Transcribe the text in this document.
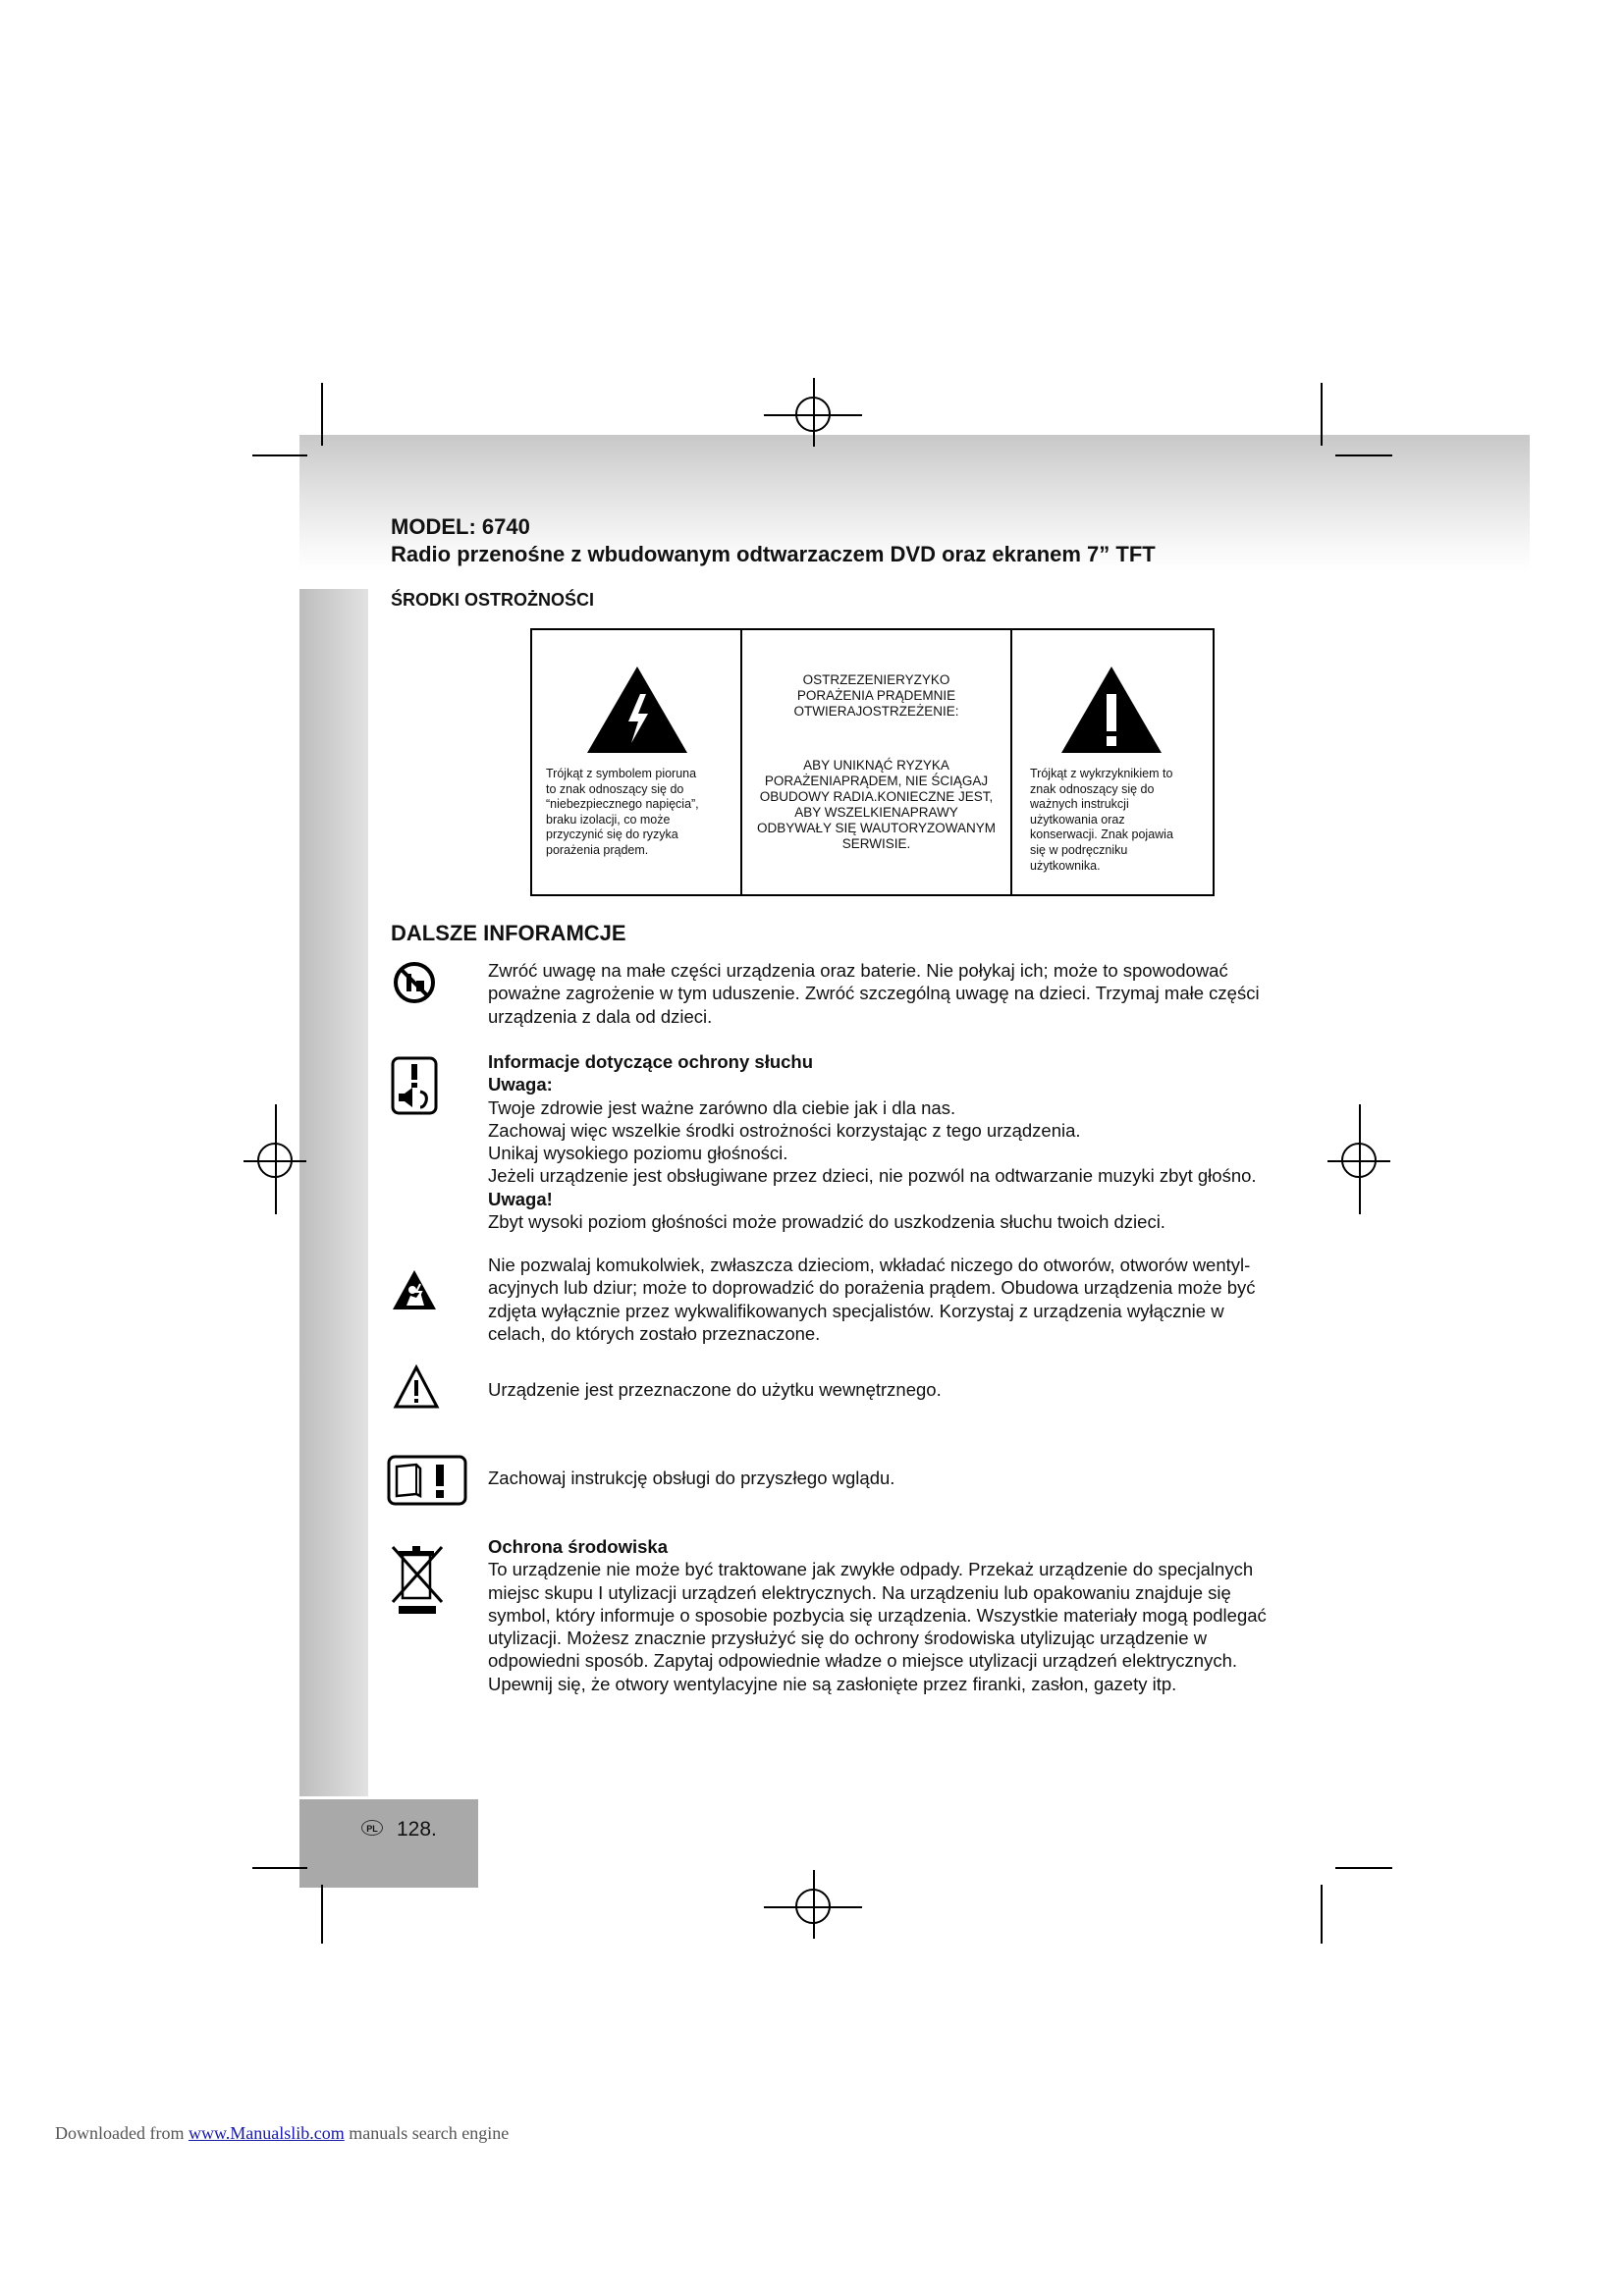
MODEL: 6740
Radio przenośne z wbudowanym odtwarzaczem DVD oraz ekranem 7” TFT
ŚRODKI OSTROŻNOŚCI
Trójkąt z symbolem pioruna
to znak odnoszący się do
“niebezpiecznego napięcia”,
braku izolacji, co może
przyczynić się do ryzyka
porażenia prądem.
OSTRZEZENIERYZYKO
PORAŻENIA PRĄDEMNIE
OTWIERAJOSTRZEŻENIE:
ABY UNIKNĄĆ RYZYKA
PORAŻENIAPRĄDEM, NIE ŚCIĄGAJ
OBUDOWY RADIA.KONIECZNE JEST,
ABY WSZELKIENAPRAWY
ODBYWAŁY SIĘ WAUTORYZOWANYM
SERWISIE.
Trójkąt z wykrzyknikiem to
znak odnoszący się do
ważnych instrukcji
użytkowania oraz
konserwacji. Znak pojawia
się w podręczniku
użytkownika.
DALSZE INFORAMCJE
Zwróć uwagę na małe części urządzenia oraz baterie. Nie połykaj ich; może to spowodować
poważne zagrożenie w tym uduszenie. Zwróć szczególną uwagę na dzieci. Trzymaj małe części
urządzenia z dala od dzieci.
Informacje dotyczące ochrony słuchu
Uwaga:
Twoje zdrowie jest ważne zarówno dla ciebie jak i dla nas.
Zachowaj więc wszelkie środki ostrożności korzystając z tego urządzenia.
Unikaj wysokiego poziomu głośności.
Jeżeli urządzenie jest obsługiwane przez dzieci, nie pozwól na odtwarzanie muzyki zbyt głośno.
Uwaga!
Zbyt wysoki poziom głośności może prowadzić do uszkodzenia słuchu twoich dzieci.
Nie pozwalaj komukolwiek, zwłaszcza dzieciom, wkładać niczego do otworów, otworów wentyl-
acyjnych lub dziur; może to doprowadzić do porażenia prądem. Obudowa urządzenia może być
zdjęta wyłącznie przez wykwalifikowanych specjalistów. Korzystaj z urządzenia wyłącznie w
celach, do których zostało przeznaczone.
Urządzenie jest przeznaczone do użytku wewnętrznego.
Zachowaj instrukcję obsługi do przyszłego wglądu.
Ochrona środowiska
To urządzenie nie może być traktowane jak zwykłe odpady. Przekaż urządzenie do specjalnych
miejsc skupu I utylizacji urządzeń elektrycznych. Na urządzeniu lub opakowaniu znajduje się
symbol, który informuje o sposobie pozbycia się urządzenia. Wszystkie materiały mogą podlegać
utylizacji. Możesz znacznie przysłużyć się do ochrony środowiska utylizując urządzenie w
odpowiedni sposób. Zapytaj odpowiednie władze o miejsce utylizacji urządzeń elektrycznych.
Upewnij się, że otwory wentylacyjne nie są zasłonięte przez firanki, zasłon, gazety itp.
PL 128.
Downloaded from www.Manualslib.com manuals search engine
